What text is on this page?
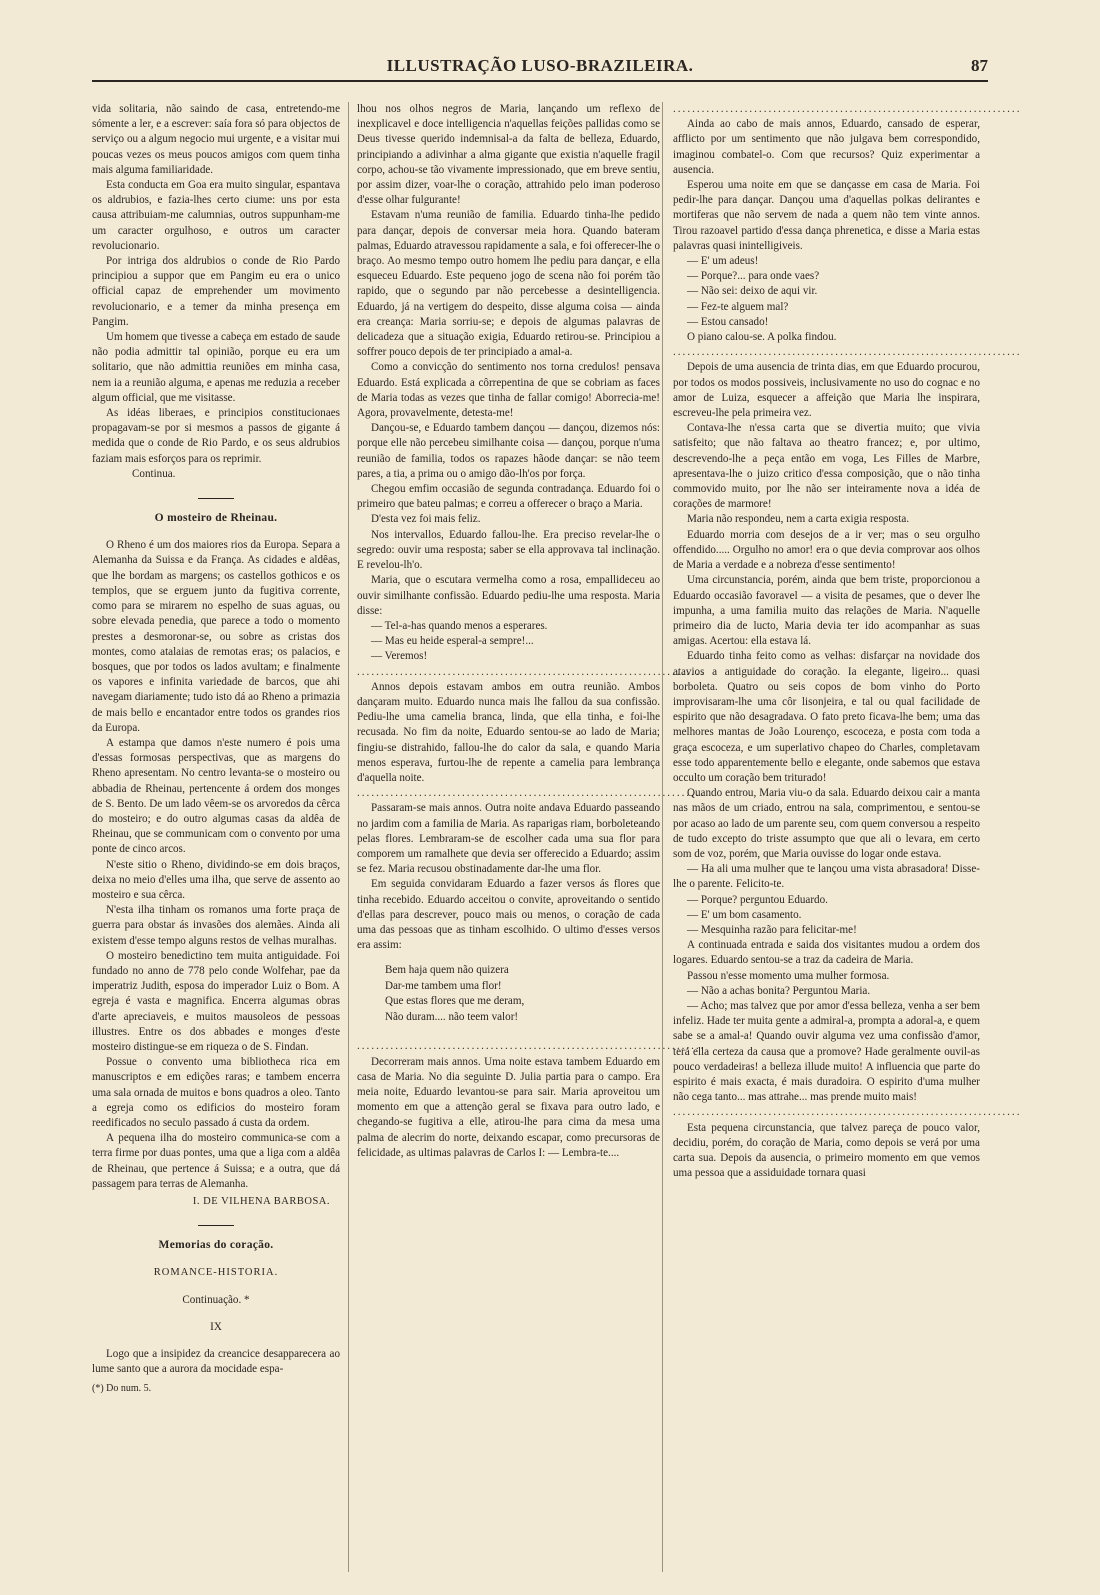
ILLUSTRAÇÃO LUSO-BRAZILEIRA.	87

vida solitaria, não saindo de casa, entretendo-me sómente a ler, e a escrever: saía fora só para objectos de serviço ou a algum negocio mui urgente, e a visitar mui poucas vezes os meus poucos amigos com quem tinha mais alguma familiaridade.

Esta conducta em Goa era muito singular, espantava os aldrubios, e fazia-lhes certo ciume: uns por esta causa attribuiam-me calumnias, outros suppunham-me um caracter orgulhoso, e outros um caracter revolucionario.

Por intriga dos aldrubios o conde de Rio Pardo principiou a suppor que em Pangim eu era o unico official capaz de emprehender um movimento revolucionario, e a temer da minha presença em Pangim.

Um homem que tivesse a cabeça em estado de saude não podia admittir tal opinião, porque eu era um solitario, que não admittia reuniões em minha casa, nem ia a reunião alguma, e apenas me reduzia a receber algum official, que me visitasse.

As idéas liberaes, e principios constitucionaes propagavam-se por si mesmos a passos de gigante á medida que o conde de Rio Pardo, e os seus aldrubios faziam mais esforços para os reprimir.

Continua.

O mosteiro de Rheinau.

O Rheno é um dos maiores rios da Europa. Separa a Alemanha da Suissa e da França. As cidades e aldêas, que lhe bordam as margens; os castellos gothicos e os templos, que se erguem junto da fugitiva corrente, como para se mirarem no espelho de suas aguas, ou sobre elevada penedia, que parece a todo o momento prestes a desmoronar-se, ou sobre as cristas dos montes, como atalaias de remotas eras; os palacios, e bosques, que por todos os lados avultam; e finalmente os vapores e infinita variedade de barcos, que ahi navegam diariamente; tudo isto dá ao Rheno a primazia de mais bello e encantador entre todos os grandes rios da Europa.

A estampa que damos n'este numero é pois uma d'essas formosas perspectivas, que as margens do Rheno apresentam. No centro levanta-se o mosteiro ou abbadia de Rheinau, pertencente á ordem dos monges de S. Bento. De um lado vêem-se os arvoredos da cêrca do mosteiro; e do outro algumas casas da aldêa de Rheinau, que se communicam com o convento por uma ponte de cinco arcos.

N'este sitio o Rheno, dividindo-se em dois braços, deixa no meio d'elles uma ilha, que serve de assento ao mosteiro e sua cêrca.

N'esta ilha tinham os romanos uma forte praça de guerra para obstar ás invasões dos alemães. Ainda ali existem d'esse tempo alguns restos de velhas muralhas.

O mosteiro benedictino tem muita antiguidade. Foi fundado no anno de 778 pelo conde Wolfehar, pae da imperatriz Judith, esposa do imperador Luiz o Bom. A egreja é vasta e magnifica. Encerra algumas obras d'arte apreciaveis, e muitos mausoleos de pessoas illustres. Entre os dos abbades e monges d'este mosteiro distingue-se em riqueza o de S. Findan.

Possue o convento uma bibliotheca rica em manuscriptos e em edições raras; e tambem encerra uma sala ornada de muitos e bons quadros a oleo. Tanto a egreja como os edificios do mosteiro foram reedificados no seculo passado á custa da ordem.

A pequena ilha do mosteiro communica-se com a terra firme por duas pontes, uma que a liga com a aldêa de Rheinau, que pertence á Suissa; e a outra, que dá passagem para terras de Alemanha.

I. DE VILHENA BARBOSA.

Memorias do coração.

ROMANCE-HISTORIA.

Continuação. *

IX

Logo que a insipidez da creancice desapparecera ao lume santo que a aurora da mocidade espa-

(*) Do num. 5.

lhou nos olhos negros de Maria, lançando um reflexo de inexplicavel e doce intelligencia n'aquellas feições pallidas como se Deus tivesse querido indemnisal-a da falta de belleza, Eduardo, principiando a adivinhar a alma gigante que existia n'aquelle fragil corpo, achou-se tão vivamente impressionado, que em breve sentiu, por assim dizer, voar-lhe o coração, attrahido pelo iman poderoso d'esse olhar fulgurante!

Estavam n'uma reunião de familia. Eduardo tinha-lhe pedido para dançar, depois de conversar meia hora. Quando bateram palmas, Eduardo atravessou rapidamente a sala, e foi offerecer-lhe o braço. Ao mesmo tempo outro homem lhe pediu para dançar, e ella esqueceu Eduardo. Este pequeno jogo de scena não foi porém tão rapido, que o segundo par não percebesse a desintelligencia. Eduardo, já na vertigem do despeito, disse alguma coisa — ainda era creança: Maria sorriu-se; e depois de algumas palavras de delicadeza que a situação exigia, Eduardo retirou-se. Principiou a soffrer pouco depois de ter principiado a amal-a.

Como a convicção do sentimento nos torna credulos! pensava Eduardo. Está explicada a côrrepentina de que se cobriam as faces de Maria todas as vezes que tinha de fallar comigo! Aborrecia-me! Agora, provavelmente, detesta-me!

Dançou-se, e Eduardo tambem dançou — dançou, dizemos nós: porque elle não percebeu similhante coisa — dançou, porque n'uma reunião de familia, todos os rapazes hãode dançar: se não teem pares, a tia, a prima ou o amigo dão-lh'os por força.

Chegou emfim occasião de segunda contradança. Eduardo foi o primeiro que bateu palmas; e correu a offerecer o braço a Maria.

D'esta vez foi mais feliz.

Nos intervallos, Eduardo fallou-lhe. Era preciso revelar-lhe o segredo: ouvir uma resposta; saber se ella approvava tal inclinação. E revelou-lh'o.

Maria, que o escutara vermelha como a rosa, empallideceu ao ouvir similhante confissão. Eduardo pediu-lhe uma resposta. Maria disse:

— Tel-a-has quando menos a esperares.

— Mas eu heide esperal-a sempre!...

— Veremos!

.........................................................................

Annos depois estavam ambos em outra reunião. Ambos dançaram muito. Eduardo nunca mais lhe fallou da sua confissão. Pediu-lhe uma camelia branca, linda, que ella tinha, e foi-lhe recusada. No fim da noite, Eduardo sentou-se ao lado de Maria; fingiu-se distrahido, fallou-lhe do calor da sala, e quando Maria menos esperava, furtou-lhe de repente a camelia para lembrança d'aquella noite.

.........................................................................

Passaram-se mais annos. Outra noite andava Eduardo passeando no jardim com a familia de Maria. As raparigas riam, borboleteando pelas flores. Lembraram-se de escolher cada uma sua flor para comporem um ramalhete que devia ser offerecido a Eduardo; assim se fez. Maria recusou obstinadamente dar-lhe uma flor.

Em seguida convidaram Eduardo a fazer versos ás flores que tinha recebido. Eduardo acceitou o convite, aproveitando o sentido d'ellas para descrever, pouco mais ou menos, o coração de cada uma das pessoas que as tinham escolhido. O ultimo d'esses versos era assim:

Bem haja quem não quizera
Dar-me tambem uma flor!
Que estas flores que me deram,
Não duram.... não teem valor!
.........................................................................

Decorreram mais annos. Uma noite estava tambem Eduardo em casa de Maria. No dia seguinte D. Julia partia para o campo. Era meia noite, Eduardo levantou-se para sair. Maria aproveitou um momento em que a attenção geral se fixava para outro lado, e chegando-se fugitiva a elle, atirou-lhe para cima da mesa uma palma de alecrim do norte, deixando escapar, como precursoras de felicidade, as ultimas palavras de Carlos I: — Lembra-te....

.........................................................................

Ainda ao cabo de mais annos, Eduardo, cansado de esperar, afflicto por um sentimento que não julgava bem correspondido, imaginou combatel-o. Com que recursos? Quiz experimentar a ausencia.

Esperou uma noite em que se dançasse em casa de Maria. Foi pedir-lhe para dançar. Dançou uma d'aquellas polkas delirantes e mortiferas que não servem de nada a quem não tem vinte annos. Tirou razoavel partido d'essa dança phrenetica, e disse a Maria estas palavras quasi inintelligiveis.

— E' um adeus!

— Porque?... para onde vaes?

— Não sei: deixo de aqui vir.

— Fez-te alguem mal?

— Estou cansado!

O piano calou-se. A polka findou.

.........................................................................

Depois de uma ausencia de trinta dias, em que Eduardo procurou, por todos os modos possiveis, inclusivamente no uso do cognac e no amor de Luiza, esquecer a affeição que Maria lhe inspirara, escreveu-lhe pela primeira vez.

Contava-lhe n'essa carta que se divertia muito; que vivia satisfeito; que não faltava ao theatro francez; e, por ultimo, descrevendo-lhe a peça então em voga, Les Filles de Marbre, apresentava-lhe o juizo critico d'essa composição, que o não tinha commovido muito, por lhe não ser inteiramente nova a idéa de corações de marmore!

Maria não respondeu, nem a carta exigia resposta.

Eduardo morria com desejos de a ir ver; mas o seu orgulho offendido..... Orgulho no amor! era o que devia comprovar aos olhos de Maria a verdade e a nobreza d'esse sentimento!

Uma circunstancia, porém, ainda que bem triste, proporcionou a Eduardo occasião favoravel — a visita de pesames, que o dever lhe impunha, a uma familia muito das relações de Maria. N'aquelle primeiro dia de lucto, Maria devia ter ido acompanhar as suas amigas. Acertou: ella estava lá.

Eduardo tinha feito como as velhas: disfarçar na novidade dos atavios a antiguidade do coração. Ia elegante, ligeiro... quasi borboleta. Quatro ou seis copos de bom vinho do Porto improvisaram-lhe uma côr lisonjeira, e tal ou qual facilidade de espirito que não desagradava. O fato preto ficava-lhe bem; uma das melhores mantas de João Lourenço, escoceza, e posta com toda a graça escoceza, e um superlativo chapeo do Charles, completavam esse todo apparentemente bello e elegante, onde sabemos que estava occulto um coração bem triturado!

Quando entrou, Maria viu-o da sala. Eduardo deixou cair a manta nas mãos de um criado, entrou na sala, comprimentou, e sentou-se por acaso ao lado de um parente seu, com quem conversou a respeito de tudo excepto do triste assumpto que que ali o levara, em certo som de voz, porém, que Maria ouvisse do logar onde estava.

— Ha ali uma mulher que te lançou uma vista abrasadora! Disse-lhe o parente. Felicito-te.

— Porque? perguntou Eduardo.

— E' um bom casamento.

— Mesquinha razão para felicitar-me!

A continuada entrada e saida dos visitantes mudou a ordem dos logares. Eduardo sentou-se a traz da cadeira de Maria.

Passou n'esse momento uma mulher formosa.

— Não a achas bonita? Perguntou Maria.

— Acho; mas talvez que por amor d'essa belleza, venha a ser bem infeliz. Hade ter muita gente a admiral-a, prompta a adoral-a, e quem sabe se a amal-a! Quando ouvir alguma vez uma confissão d'amor, terá ella certeza da causa que a promove? Hade geralmente ouvil-as pouco verdadeiras! a belleza illude muito! A influencia que parte do espirito é mais exacta, é mais duradoira. O espirito d'uma mulher não cega tanto... mas attrahe... mas prende muito mais!

.........................................................................

Esta pequena circunstancia, que talvez pareça de pouco valor, decidiu, porém, do coração de Maria, como depois se verá por uma carta sua. Depois da ausencia, o primeiro momento em que vemos uma pessoa que a assiduidade tornara quasi
